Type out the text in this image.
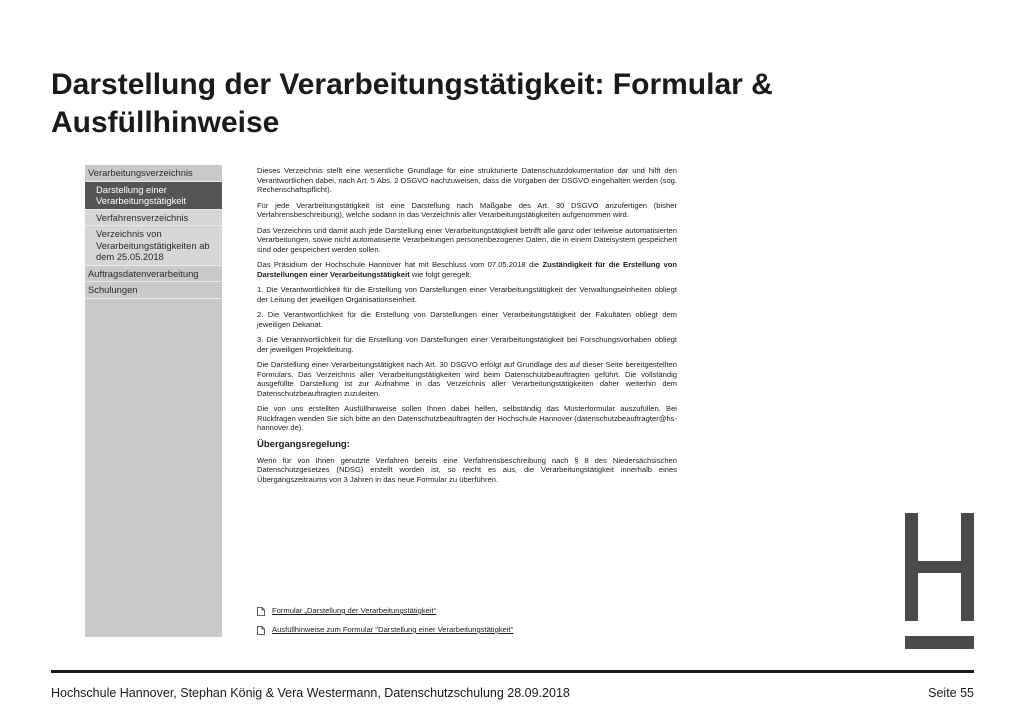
Darstellung der Verarbeitungstätigkeit: Formular & Ausfüllhinweise
Verarbeitungsverzeichnis
Darstellung einer Verarbeitungstätigkeit
Verfahrensverzeichnis
Verzeichnis von Verarbeitungstätigkeiten ab dem 25.05.2018
Auftragsdatenverarbeitung
Schulungen

Dieses Verzeichnis stellt eine wesentliche Grundlage für eine strukturierte Datenschutzdokumentation dar und hilft den Verantwortlichen dabei, nach Art. 5 Abs. 2 DSGVO nachzuweisen, dass die Vorgaben der DSGVO eingehalten werden (sog. Rechenschaftspflicht).

Für jede Verarbeitungstätigkeit ist eine Darstellung nach Maßgabe des Art. 30 DSGVO anzufertigen (bisher Verfahrensbeschreibung), welche sodann in das Verzeichnis aller Verarbeitungstätigkeiten aufgenommen wird.

Das Verzeichnis und damit auch jede Darstellung einer Verarbeitungstätigkeit betrifft alle ganz oder teilweise automatisierten Verarbeitungen, sowie nicht automatisierte Verarbeitungen personenbezogener Daten, die in einem Dateisystem gespeichert sind oder gespeichert werden sollen.

Das Präsidium der Hochschule Hannover hat mit Beschluss vom 07.05.2018 die Zuständigkeit für die Erstellung von Darstellungen einer Verarbeitungstätigkeit wie folgt geregelt:

1. Die Verantwortlichkeit für die Erstellung von Darstellungen einer Verarbeitungstätigkeit der Verwaltungseinheiten obliegt der Leitung der jeweiligen Organisationseinheit.

2. Die Verantwortlichkeit für die Erstellung von Darstellungen einer Verarbeitungstätigkeit der Fakultäten obliegt dem jeweiligen Dekanat.

3. Die Verantwortlichkeit für die Erstellung von Darstellungen einer Verarbeitungstätigkeit bei Forschungsvorhaben obliegt der jeweiligen Projektleitung.

Die Darstellung einer Verarbeitungstätigkeit nach Art. 30 DSGVO erfolgt auf Grundlage des auf dieser Seite bereitgestellten Formulars. Das Verzeichnis aller Verarbeitungstätigkeiten wird beim Datenschutzbeauftragten geführt. Die vollständig ausgefüllte Darstellung ist zur Aufnahme in das Verzeichnis aller Verarbeitungstätigkeiten daher weiterhin dem Datenschutzbeauftragten zuzuleiten.

Die von uns erstellten Ausfüllhinweise sollen Ihnen dabei helfen, selbständig das Musterformular auszufüllen. Bei Rückfragen wenden Sie sich bitte an den Datenschutzbeauftragten der Hochschule Hannover (datenschutzbeauftragter@hs-hannover.de).

Übergangsregelung:

Wenn für von Ihnen genutzte Verfahren bereits eine Verfahrensbeschreibung nach § 8 des Niedersächsischen Datenschutzgesetzes (NDSG) erstellt worden ist, so reicht es aus, die Verarbeitungstätigkeit innerhalb eines Übergangszeitraums von 3 Jahren in das neue Formular zu überführen.

Formular „Darstellung der Verarbeitungstätigkeit“
Ausfüllhinweise zum Formular "Darstellung einer Verarbeitungstätigkeit"
Hochschule Hannover, Stephan König & Vera Westermann, Datenschutzschulung 28.09.2018	Seite 55
